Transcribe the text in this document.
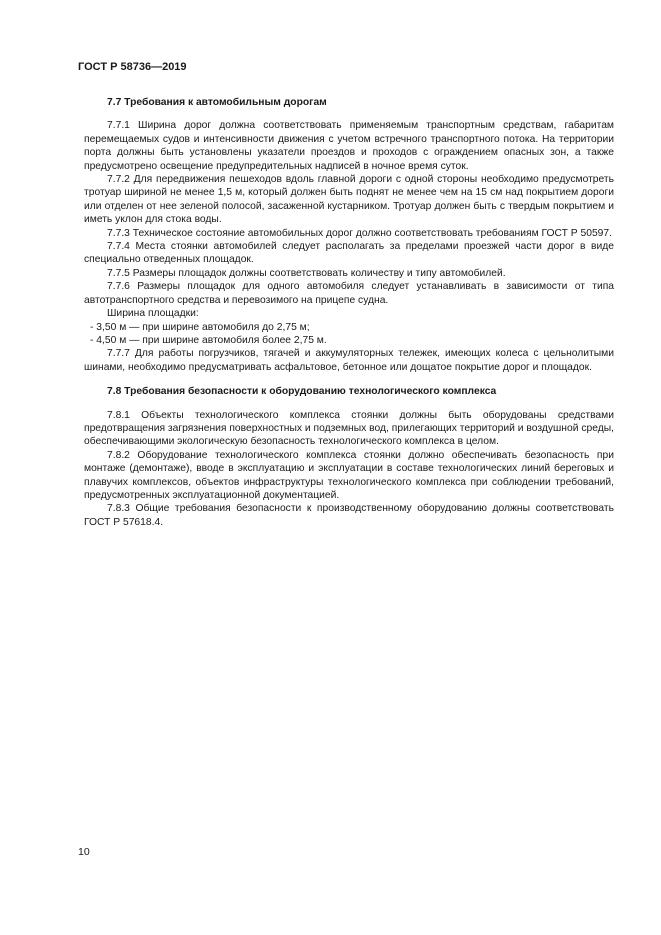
ГОСТ Р 58736—2019
7.7 Требования к автомобильным дорогам

7.7.1 Ширина дорог должна соответствовать применяемым транспортным средствам, габаритам перемещаемых судов и интенсивности движения с учетом встречного транспортного потока. На территории порта должны быть установлены указатели проездов и проходов с ограждением опасных зон, а также предусмотрено освещение предупредительных надписей в ночное время суток.

7.7.2 Для передвижения пешеходов вдоль главной дороги с одной стороны необходимо предусмотреть тротуар шириной не менее 1,5 м, который должен быть поднят не менее чем на 15 см над покрытием дороги или отделен от нее зеленой полосой, засаженной кустарником. Тротуар должен быть с твердым покрытием и иметь уклон для стока воды.

7.7.3 Техническое состояние автомобильных дорог должно соответствовать требованиям ГОСТ Р 50597.

7.7.4 Места стоянки автомобилей следует располагать за пределами проезжей части дорог в виде специально отведенных площадок.

7.7.5 Размеры площадок должны соответствовать количеству и типу автомобилей.

7.7.6 Размеры площадок для одного автомобиля следует устанавливать в зависимости от типа автотранспортного средства и перевозимого на прицепе судна.

Ширина площадки:

- 3,50 м — при ширине автомобиля до 2,75 м;
- 4,50 м — при ширине автомобиля более 2,75 м.

7.7.7 Для работы погрузчиков, тягачей и аккумуляторных тележек, имеющих колеса с цельнолитыми шинами, необходимо предусматривать асфальтовое, бетонное или дощатое покрытие дорог и площадок.

7.8 Требования безопасности к оборудованию технологического комплекса

7.8.1 Объекты технологического комплекса стоянки должны быть оборудованы средствами предотвращения загрязнения поверхностных и подземных вод, прилегающих территорий и воздушной среды, обеспечивающими экологическую безопасность технологического комплекса в целом.

7.8.2 Оборудование технологического комплекса стоянки должно обеспечивать безопасность при монтаже (демонтаже), вводе в эксплуатацию и эксплуатации в составе технологических линий береговых и плавучих комплексов, объектов инфраструктуры технологического комплекса при соблюдении требований, предусмотренных эксплуатационной документацией.

7.8.3 Общие требования безопасности к производственному оборудованию должны соответствовать ГОСТ Р 57618.4.

10
